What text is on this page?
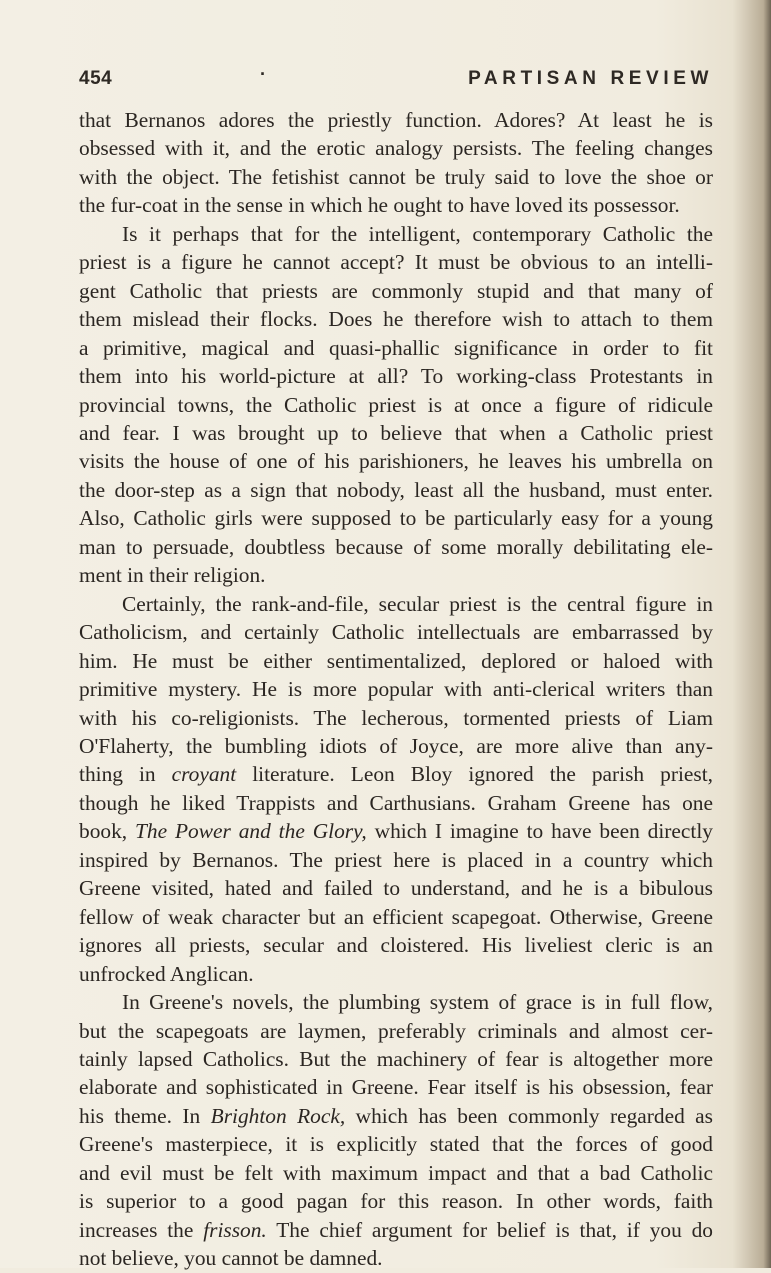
454	·	PARTISAN REVIEW
that Bernanos adores the priestly function. Adores? At least he is
obsessed with it, and the erotic analogy persists. The feeling changes
with the object. The fetishist cannot be truly said to love the shoe or
the fur-coat in the sense in which he ought to have loved its possessor.
Is it perhaps that for the intelligent, contemporary Catholic the
priest is a figure he cannot accept? It must be obvious to an intelli-
gent Catholic that priests are commonly stupid and that many of
them mislead their flocks. Does he therefore wish to attach to them
a primitive, magical and quasi-phallic significance in order to fit
them into his world-picture at all? To working-class Protestants in
provincial towns, the Catholic priest is at once a figure of ridicule
and fear. I was brought up to believe that when a Catholic priest
visits the house of one of his parishioners, he leaves his umbrella on
the door-step as a sign that nobody, least all the husband, must enter.
Also, Catholic girls were supposed to be particularly easy for a young
man to persuade, doubtless because of some morally debilitating ele-
ment in their religion.
Certainly, the rank-and-file, secular priest is the central figure in
Catholicism, and certainly Catholic intellectuals are embarrassed by
him. He must be either sentimentalized, deplored or haloed with
primitive mystery. He is more popular with anti-clerical writers than
with his co-religionists. The lecherous, tormented priests of Liam
O'Flaherty, the bumbling idiots of Joyce, are more alive than any-
thing in croyant literature. Leon Bloy ignored the parish priest,
though he liked Trappists and Carthusians. Graham Greene has one
book, The Power and the Glory, which I imagine to have been directly
inspired by Bernanos. The priest here is placed in a country which
Greene visited, hated and failed to understand, and he is a bibulous
fellow of weak character but an efficient scapegoat. Otherwise, Greene
ignores all priests, secular and cloistered. His liveliest cleric is an
unfrocked Anglican.
In Greene's novels, the plumbing system of grace is in full flow,
but the scapegoats are laymen, preferably criminals and almost cer-
tainly lapsed Catholics. But the machinery of fear is altogether more
elaborate and sophisticated in Greene. Fear itself is his obsession, fear
his theme. In Brighton Rock, which has been commonly regarded as
Greene's masterpiece, it is explicitly stated that the forces of good
and evil must be felt with maximum impact and that a bad Catholic
is superior to a good pagan for this reason. In other words, faith
increases the frisson. The chief argument for belief is that, if you do
not believe, you cannot be damned.
